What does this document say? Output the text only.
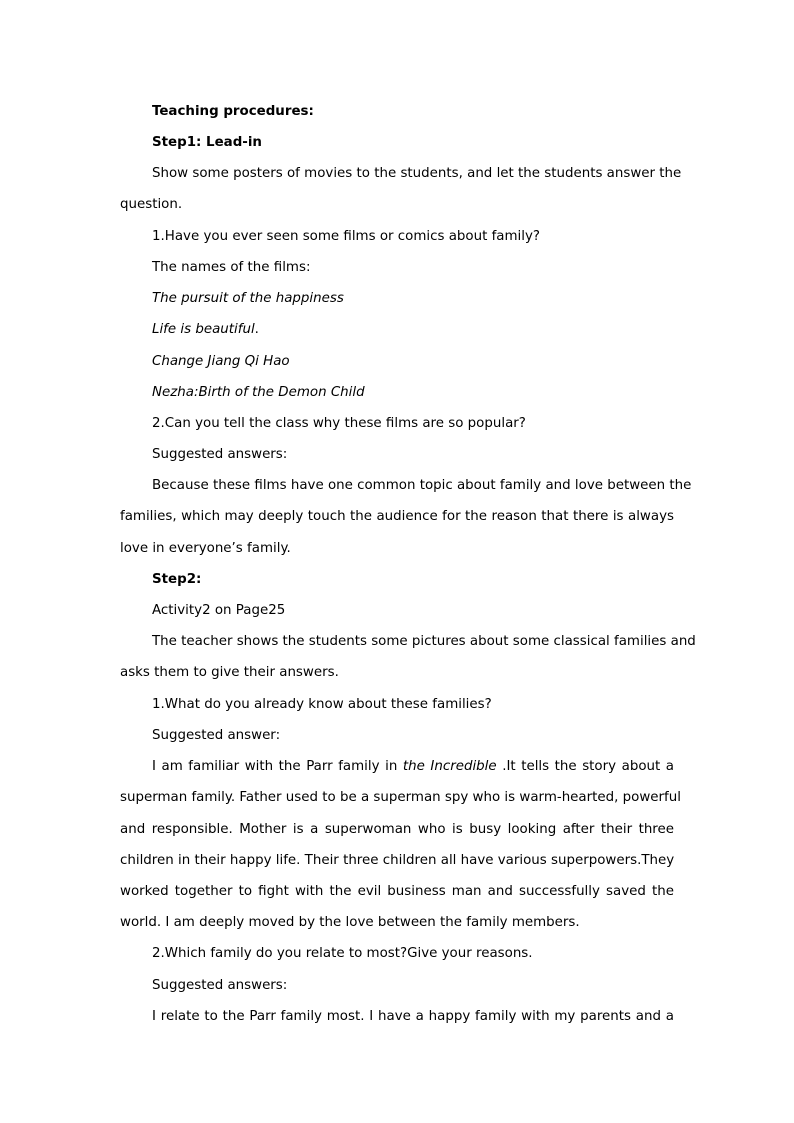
Teaching procedures:

Step1: Lead-in

Show some posters of movies to the students, and let the students answer the
question.

1.Have you ever seen some films or comics about family?

The names of the films:

The pursuit of the happiness

Life is beautiful.

Change Jiang Qi Hao

Nezha:Birth of the Demon Child

2.Can you tell the class why these films are so popular?

Suggested answers:

Because these films have one common topic about family and love between the
families, which may deeply touch the audience for the reason that there is always
love in everyone’s family.

Step2:

Activity2 on Page25

The teacher shows the students some pictures about some classical families and
asks them to give their answers.

1.What do you already know about these families?

Suggested answer:

I am familiar with the Parr family in the Incredible .It tells the story about a
superman family. Father used to be a superman spy who is warm-hearted, powerful
and responsible. Mother is a superwoman who is busy looking after their three
children in their happy life. Their three children all have various superpowers.They
worked together to fight with the evil business man and successfully saved the
world. I am deeply moved by the love between the family members.

2.Which family do you relate to most?Give your reasons.

Suggested answers:

I relate to the Parr family most. I have a happy family with my parents and a
